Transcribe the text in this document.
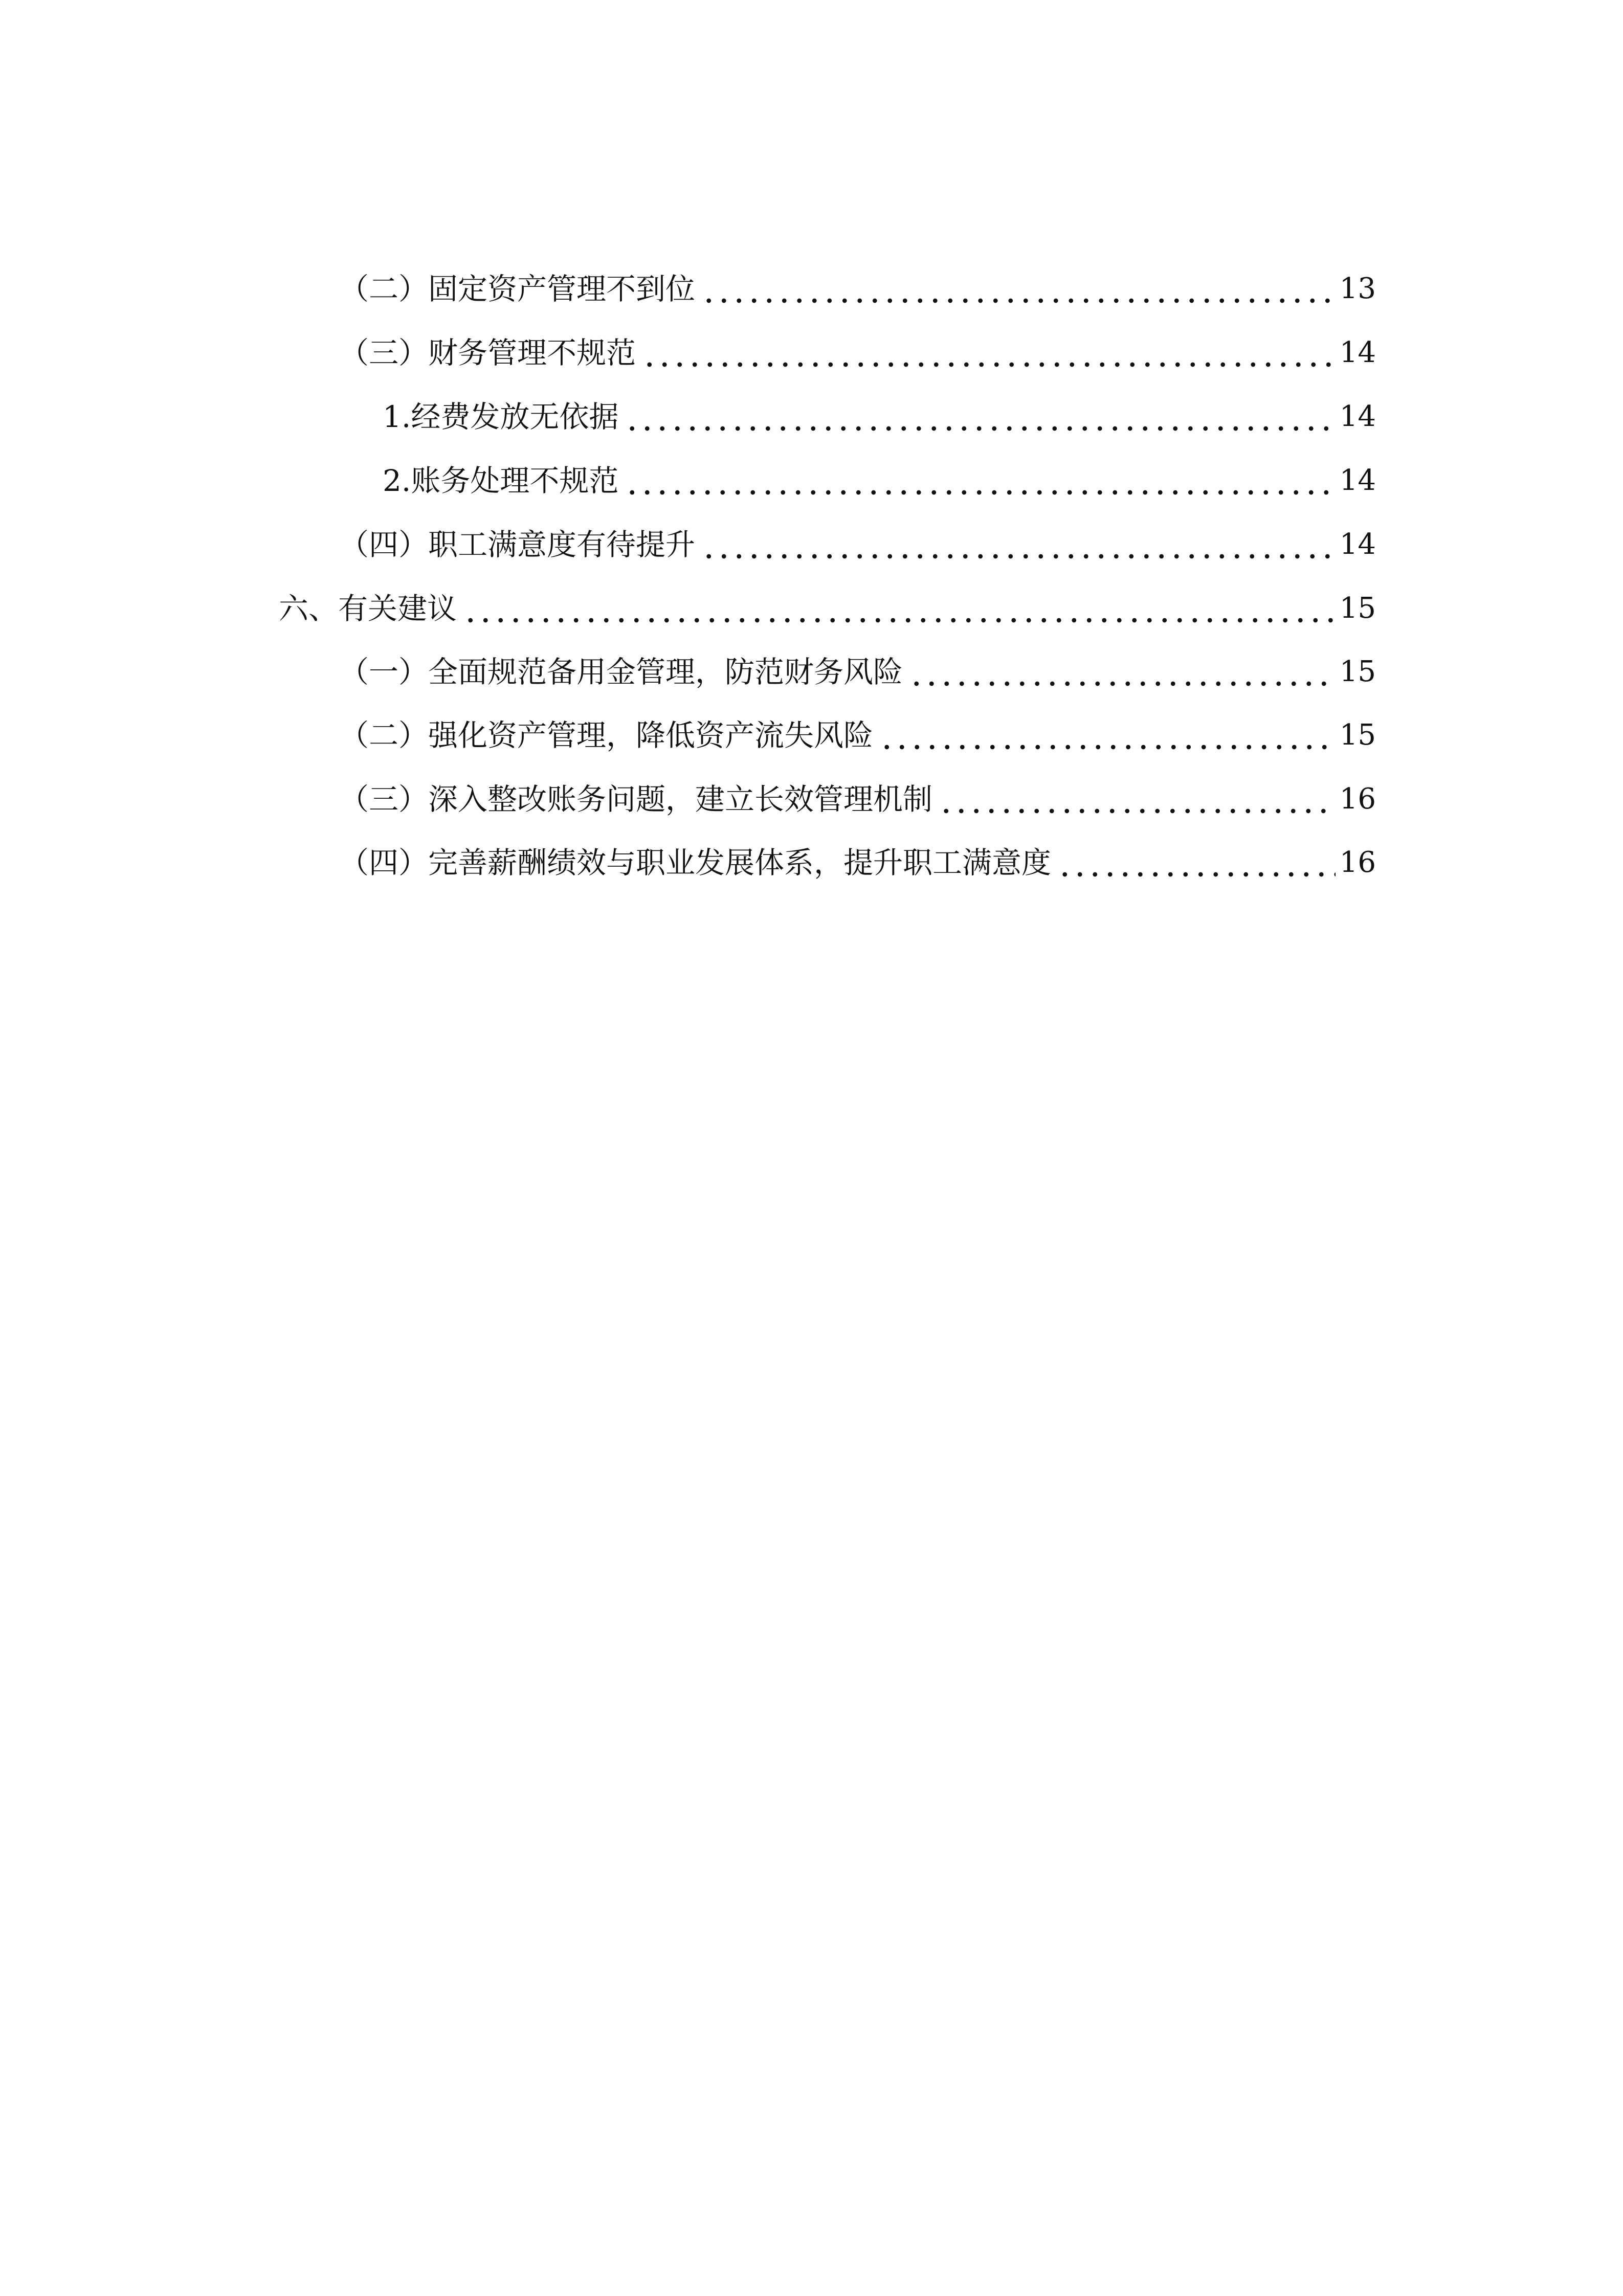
（二）固定资产管理不到位	13
（三）财务管理不规范	14
1.经费发放无依据	14
2.账务处理不规范	14
（四）职工满意度有待提升	14
六、有关建议	15
（一）全面规范备用金管理，防范财务风险	15
（二）强化资产管理，降低资产流失风险	15
（三）深入整改账务问题，建立长效管理机制	16
（四）完善薪酬绩效与职业发展体系，提升职工满意度	16
